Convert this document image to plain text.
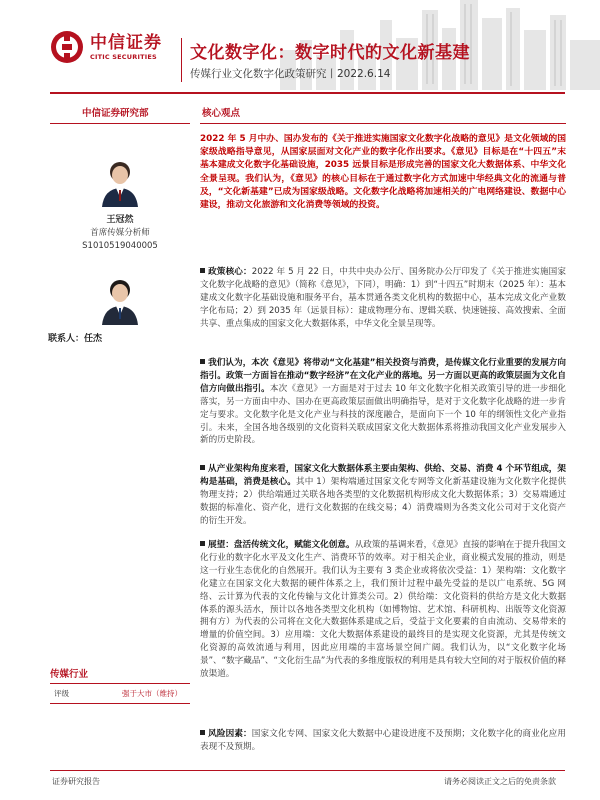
中信证券
CITIC SECURITIES	文化数字化：数字时代的文化新基建
传媒行业文化数字化政策研究丨2022.6.14
中信证券研究部
王冠然
首席传媒分析师
S1010519040005
联系人：任杰
传媒行业
评级	强于大市（维持）
核心观点
2022 年 5 月中办、国办发布的《关于推进实施国家文化数字化战略的意见》是文化领域的国家级战略指导意见，从国家层面对文化产业的数字化作出要求。《意见》目标是在“十四五”末基本建成文化数字化基础设施，2035 远景目标是形成完善的国家文化大数据体系、中华文化全景呈现。我们认为，《意见》的核心目标在于通过数字化方式加速中华经典文化的流通与普及，“文化新基建”已成为国家级战略。文化数字化战略将加速相关的广电网络建设、数据中心建设，推动文化旅游和文化消费等领域的投资。
政策核心：2022 年 5 月 22 日，中共中央办公厅、国务院办公厅印发了《关于推进实施国家文化数字化战略的意见》（简称《意见》，下同），明确：1）到“十四五”时期末（2025 年）：基本建成文化数字化基础设施和服务平台，基本贯通各类文化机构的数据中心，基本完成文化产业数字化布局；2）到 2035 年（远景目标）：建成物理分布、逻辑关联、快速链接、高效搜索、全面共享、重点集成的国家文化大数据体系，中华文化全景呈现等。
我们认为，本次《意见》将带动“文化基建”相关投资与消费，是传媒文化行业重要的发展方向指引。政策一方面旨在推动“数字经济”在文化产业的落地。另一方面以更高的政策层面为文化自信方向做出指引。本次《意见》一方面是对于过去 10 年文化数字化相关政策引导的进一步细化落实，另一方面由中办、国办在更高政策层面做出明确指导，是对于文化数字化战略的进一步肯定与要求。文化数字化是文化产业与科技的深度融合，是面向下一个 10 年的纲领性文化产业指引。未来，全国各地各级别的文化资料关联成国家文化大数据体系将推动我国文化产业发展步入新的历史阶段。
从产业架构角度来看，国家文化大数据体系主要由架构、供给、交易、消费 4 个环节组成，架构是基础，消费是核心。其中 1）架构端通过国家文化专网等文化新基建设施为文化数字化提供物理支持；2）供给端通过关联各地各类型的文化数据机构形成文化大数据体系；3）交易端通过数据的标准化、资产化，进行文化数据的在线交易；4）消费端则为各类文化公司对于文化资产的衍生开发。
展望：盘活传统文化，赋能文化创意。从政策的基调来看，《意见》直接的影响在于提升我国文化行业的数字化水平及文化生产、消费环节的效率。对于相关企业，商业模式发展的推动，则是这一行业生态优化的自然展开。我们认为主要有 3 类企业或将依次受益：1）架构端：文化数字化建立在国家文化大数据的硬件体系之上，我们预计过程中最先受益的是以广电系统、5G 网络、云计算为代表的文化传输与文化计算类公司。2）供给端：文化资料的供给方是文化大数据体系的源头活水，预计以各地各类型文化机构（如博物馆、艺术馆、科研机构、出版等文化资源拥有方）为代表的公司将在文化大数据体系建成之后，受益于文化要素的自由流动、交易带来的增量的价值空间。3）应用端：文化大数据体系建设的最终目的是实现文化资源，尤其是传统文化资源的高效流通与利用，因此应用端的丰富场景空间广阔。我们认为，以“文化数字化场景”、“数字藏品”、“文化衍生品”为代表的多维度版权的利用是具有较大空间的对于版权价值的释放渠道。
风险因素：国家文化专网、国家文化大数据中心建设进度不及预期；文化数字化的商业化应用表现不及预期。
证券研究报告	请务必阅读正文之后的免责条款
